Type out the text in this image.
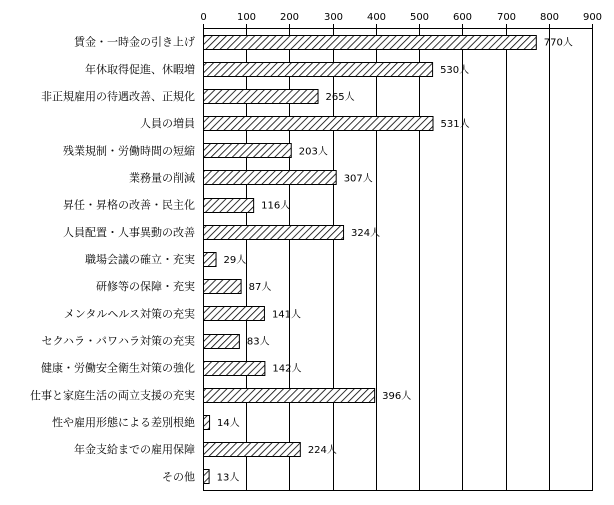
0	100 200 300 400 500 600 700 800 900
賃金・一時金の引き上げ
年休取得促進、休暇増
非正規雇用の待遇改善、正規化
人員の増員
残業規制・労働時間の短縮
業務量の削減
昇任・昇格の改善・民主化
人員配置・人事異動の改善
職場会議の確立・充実
研修等の保障・充実
メンタルヘルス対策の充実
セクハラ・パワハラ対策の充実
健康・労働安全衛生対策の強化
仕事と家庭生活の両立支援の充実
性や雇用形態による差別根絶
年金支給までの雇用保障
その他
770人
530人
265人
531人
203人
307人
116人
324人
29人
87人
141人
83人
142人
396人
14人
224人
13人
